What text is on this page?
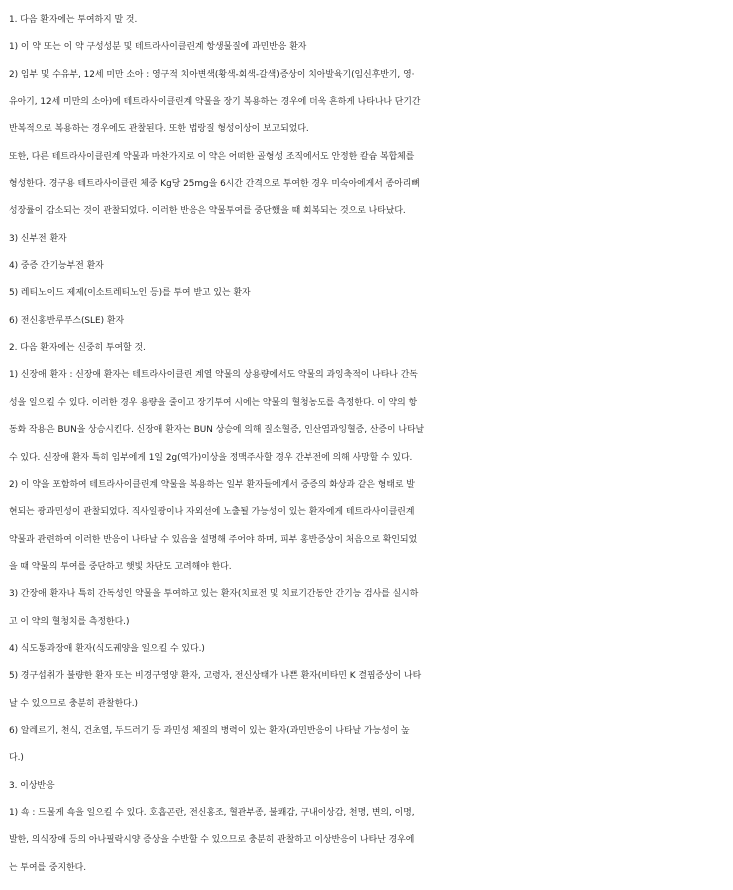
1. 다음 환자에는 투여하지 말 것.
1) 이 약 또는 이 약 구성성분 및 테트라사이클린계 항생물질에 과민반응 환자
2) 임부 및 수유부, 12세 미만 소아 : 영구적 치아변색(황색-회색-갈색)증상이 치아발육기(임신후반기, 영·
유아기, 12세 미만의 소아)에 테트라사이클린계 약물을 장기 복용하는 경우에 더욱 흔하게 나타나나 단기간
반복적으로 복용하는 경우에도 관찰된다. 또한 법랑질 형성이상이 보고되었다.
또한, 다른 테트라사이클린계 약물과 마찬가지로 이 약은 어떠한 골형성 조직에서도 안정한 칼슘 복합체를
형성한다. 경구용 테트라사이클린 체중 Kg당 25mg을 6시간 간격으로 투여한 경우 미숙아에게서 종아리뼈
성장률이 감소되는 것이 관찰되었다. 이러한 반응은 약물투여를 중단했을 때 회복되는 것으로 나타났다.
3) 신부전 환자
4) 중증 간기능부전 환자
5) 레티노이드 제제(이소트레티노인 등)를 투여 받고 있는 환자
6) 전신홍반루푸스(SLE) 환자
2. 다음 환자에는 신중히 투여할 것.
1) 신장애 환자 : 신장애 환자는 테트라사이클린 계열 약물의 상용량에서도 약물의 과잉축적이 나타나 간독
성을 일으킬 수 있다. 이러한 경우 용량을 줄이고 장기투여 시에는 약물의 혈청농도를 측정한다. 이 약의 항
동화 작용은 BUN을 상승시킨다. 신장애 환자는 BUN 상승에 의해 질소혈증, 인산염과잉혈증, 산증이 나타날
수 있다. 신장애 환자 특히 임부에게 1일 2g(역가)이상을 정맥주사할 경우 간부전에 의해 사망할 수 있다.
2) 이 약을 포함하여 테트라사이클린계 약물을 복용하는 일부 환자들에게서 중증의 화상과 같은 형태로 발
현되는 광과민성이 관찰되었다. 직사일광이나 자외선에 노출될 가능성이 있는 환자에게 테트라사이클린계
약물과 관련하여 이러한 반응이 나타날 수 있음을 설명해 주어야 하며, 피부 홍반증상이 처음으로 확인되었
을 때 약물의 투여를 중단하고 햇빛 차단도 고려해야 한다.
3) 간장애 환자나 특히 간독성인 약물을 투여하고 있는 환자(치료전 및 치료기간동안 간기능 검사를 실시하
고 이 약의 혈청치를 측정한다.)
4) 식도통과장애 환자(식도궤양을 일으킬 수 있다.)
5) 경구섭취가 불량한 환자 또는 비경구영양 환자, 고령자, 전신상태가 나쁜 환자(비타민 K 결핍증상이 나타
날 수 있으므로 충분히 관찰한다.)
6) 알레르기, 천식, 건초열, 두드러기 등 과민성 체질의 병력이 있는 환자(과민반응이 나타날 가능성이 높
다.)
3. 이상반응
1) 쇽 : 드물게 쇽을 일으킬 수 있다. 호흡곤란, 전신홍조, 혈관부종, 불쾌감, 구내이상감, 천명, 변의, 이명,
발한, 의식장애 등의 아나필락시양 증상을 수반할 수 있으므로 충분히 관찰하고 이상반응이 나타난 경우에
는 투여를 중지한다.
